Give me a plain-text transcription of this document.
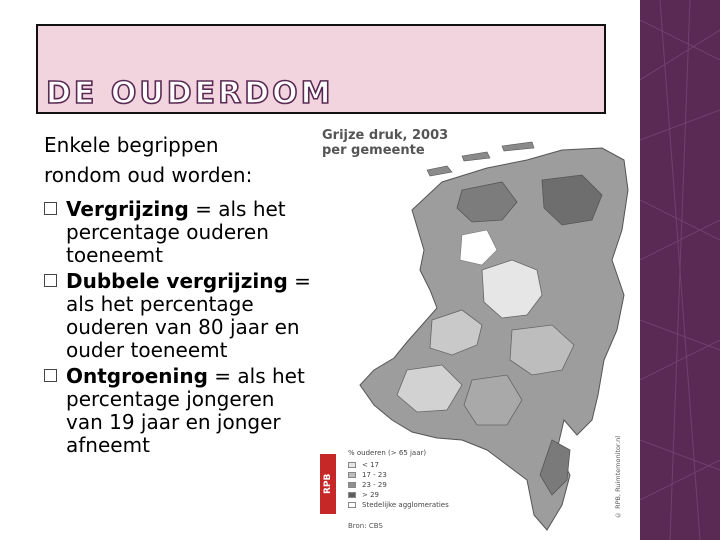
DE OUDERDOM
Enkele begrippen
rondom oud worden:
Vergrijzing = als het percentage ouderen toeneemt
Dubbele vergrijzing = als het percentage ouderen van 80 jaar en ouder toeneemt
Ontgroening = als het percentage jongeren van 19 jaar en jonger afneemt
Grijze druk, 2003
per gemeente
RPB
% ouderen (> 65 jaar)
< 17
17 - 23
23 - 29
> 29
Stedelijke agglomeraties
Bron: CBS
© RPB, Ruimtemonitor.nl
